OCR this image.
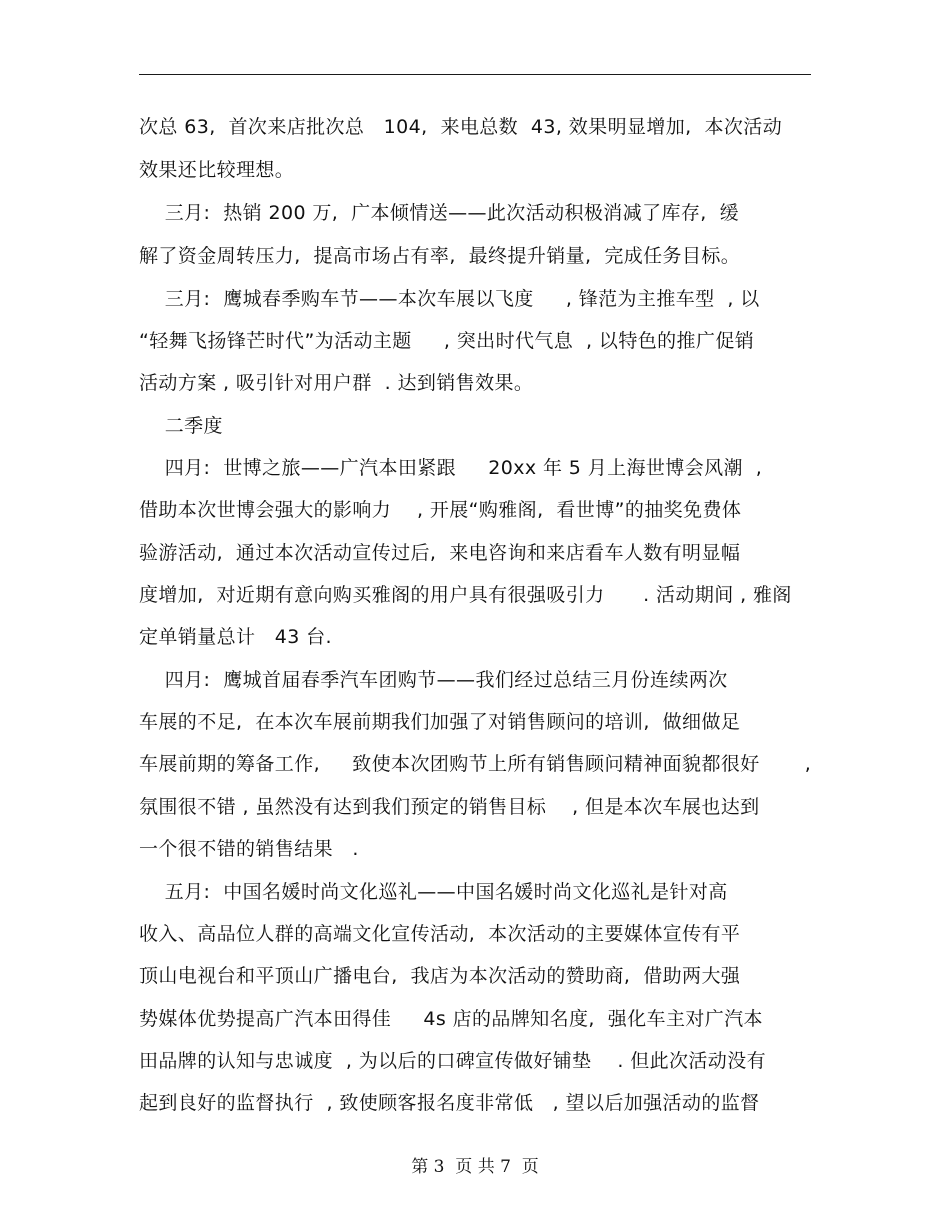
次总 63,  首次来店批次总   104,  来电总数  43, 效果明显增加,  本次活动
效果还比较理想。
三月:  热销 200 万,  广本倾情送——此次活动积极消减了库存,  缓
解了资金周转压力,  提高市场占有率,  最终提升销量,  完成任务目标。
三月:  鹰城春季购车节——本次车展以飞度     , 锋范为主推车型  , 以
“轻舞飞扬锋芒时代”为活动主题     , 突出时代气息  , 以特色的推广促销
活动方案 , 吸引针对用户群  . 达到销售效果。
二季度
四月:  世博之旅——广汽本田紧跟     20xx 年 5 月上海世博会风潮  ,
借助本次世博会强大的影响力    , 开展“购雅阁,  看世博”的抽奖免费体
验游活动,  通过本次活动宣传过后,  来电咨询和来店看车人数有明显幅
度增加,  对近期有意向购买雅阁的用户具有很强吸引力      . 活动期间 , 雅阁
定单销量总计   43 台.
四月:  鹰城首届春季汽车团购节——我们经过总结三月份连续两次
车展的不足,  在本次车展前期我们加强了对销售顾问的培训,  做细做足
车展前期的筹备工作,     致使本次团购节上所有销售顾问精神面貌都很好       ,
氛围很不错 , 虽然没有达到我们预定的销售目标    , 但是本次车展也达到
一个很不错的销售结果   .
五月:  中国名媛时尚文化巡礼——中国名媛时尚文化巡礼是针对高
收入、高品位人群的高端文化宣传活动,  本次活动的主要媒体宣传有平
顶山电视台和平顶山广播电台,  我店为本次活动的赞助商,  借助两大强
势媒体优势提高广汽本田得佳     4s 店的品牌知名度,  强化车主对广汽本
田品牌的认知与忠诚度  , 为以后的口碑宣传做好铺垫    . 但此次活动没有
起到良好的监督执行  , 致使顾客报名度非常低   , 望以后加强活动的监督
第 3  页 共 7  页
